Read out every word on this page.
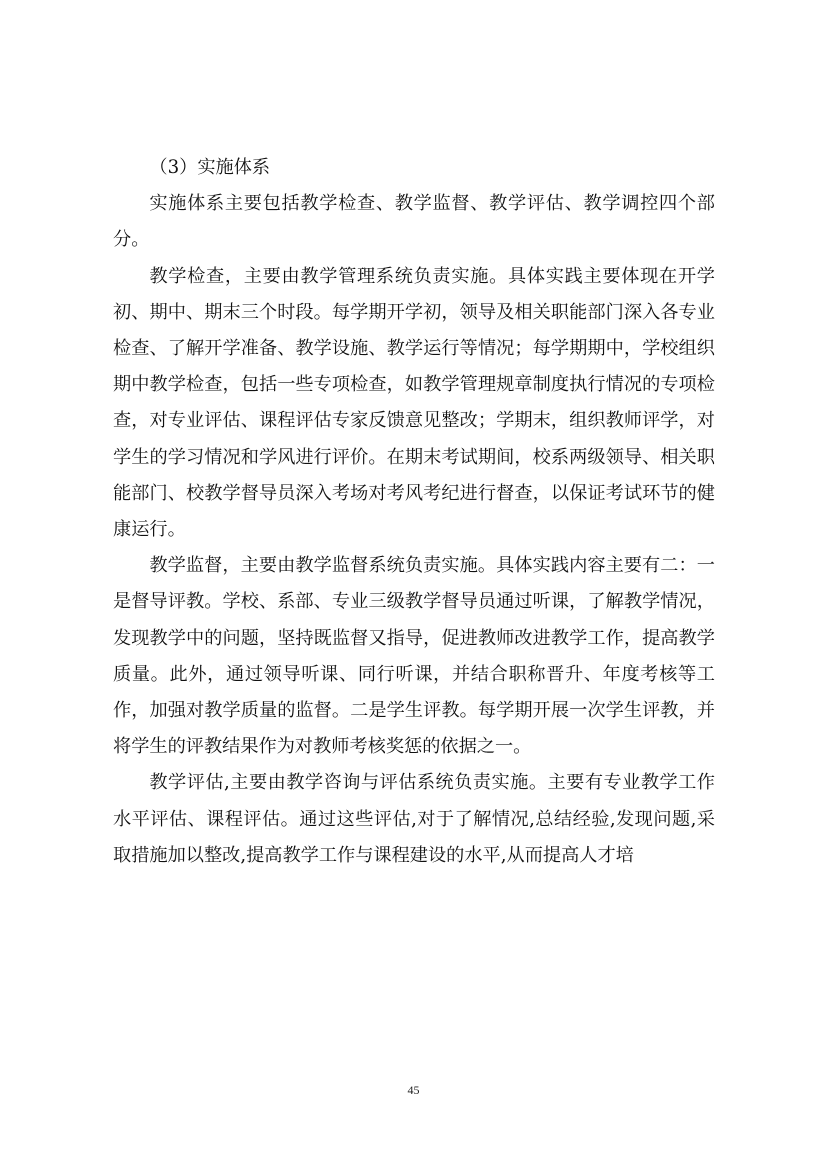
（3）实施体系

实施体系主要包括教学检查、教学监督、教学评估、教学调控四个部分。

教学检查，主要由教学管理系统负责实施。具体实践主要体现在开学初、期中、期末三个时段。每学期开学初，领导及相关职能部门深入各专业检查、了解开学准备、教学设施、教学运行等情况；每学期期中，学校组织期中教学检查，包括一些专项检查，如教学管理规章制度执行情况的专项检查，对专业评估、课程评估专家反馈意见整改；学期末，组织教师评学，对学生的学习情况和学风进行评价。在期末考试期间，校系两级领导、相关职能部门、校教学督导员深入考场对考风考纪进行督查，以保证考试环节的健康运行。

教学监督，主要由教学监督系统负责实施。具体实践内容主要有二：一是督导评教。学校、系部、专业三级教学督导员通过听课，了解教学情况，发现教学中的问题，坚持既监督又指导，促进教师改进教学工作，提高教学质量。此外，通过领导听课、同行听课，并结合职称晋升、年度考核等工作，加强对教学质量的监督。二是学生评教。每学期开展一次学生评教，并将学生的评教结果作为对教师考核奖惩的依据之一。

教学评估,主要由教学咨询与评估系统负责实施。主要有专业教学工作水平评估、课程评估。通过这些评估,对于了解情况,总结经验,发现问题,采取措施加以整改,提高教学工作与课程建设的水平,从而提高人才培

45
